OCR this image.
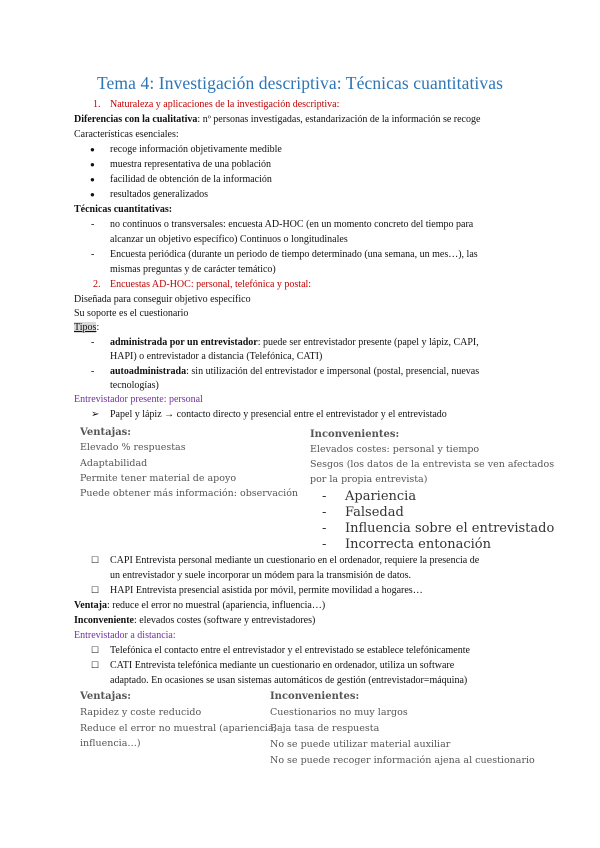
Tema 4: Investigación descriptiva: Técnicas cuantitativas
1. Naturaleza y aplicaciones de la investigación descriptiva:
Diferencias con la cualitativa: nº personas investigadas, estandarización de la información se recoge
Características esenciales:
● recoge información objetivamente medible
● muestra representativa de una población
● facilidad de obtención de la información
● resultados generalizados
Técnicas cuantitativas:
- no continuos o transversales: encuesta AD-HOC (en un momento concreto del tiempo para
alcanzar un objetivo específico) Continuos o longitudinales
- Encuesta periódica (durante un periodo de tiempo determinado (una semana, un mes…), las
mismas preguntas y de carácter temático)
2. Encuestas AD-HOC: personal, telefónica y postal:
Diseñada para conseguir objetivo específico
Su soporte es el cuestionario
Tipos:
- administrada por un entrevistador: puede ser entrevistador presente (papel y lápiz, CAPI,
HAPI) o entrevistador a distancia (Telefónica, CATI)
- autoadministrada: sin utilización del entrevistador e impersonal (postal, presencial, nuevas
tecnologías)
Entrevistador presente: personal
➢ Papel y lápiz → contacto directo y presencial entre el entrevistador y el entrevistado
Ventajas:
Elevado % respuestas
Adaptabilidad
Permite tener material de apoyo
Puede obtener más información: observación
Inconvenientes:
Elevados costes: personal y tiempo
Sesgos (los datos de la entrevista se ven afectados
por la propia entrevista)
- Apariencia
- Falsedad
- Influencia sobre el entrevistado
- Incorrecta entonación
☐ CAPI Entrevista personal mediante un cuestionario en el ordenador, requiere la presencia de
un entrevistador y suele incorporar un módem para la transmisión de datos.
☐ HAPI Entrevista presencial asistida por móvil, permite movilidad a hogares…
Ventaja: reduce el error no muestral (apariencia, influencia…)
Inconveniente: elevados costes (software y entrevistadores)
Entrevistador a distancia:
☐ Telefónica el contacto entre el entrevistador y el entrevistado se establece telefónicamente
☐ CATI Entrevista telefónica mediante un cuestionario en ordenador, utiliza un software
adaptado. En ocasiones se usan sistemas automáticos de gestión (entrevistador=máquina)
Ventajas:
Rapidez y coste reducido
Reduce el error no muestral (apariencia,
influencia…)
Inconvenientes:
Cuestionarios no muy largos
Baja tasa de respuesta
No se puede utilizar material auxiliar
No se puede recoger información ajena al cuestionario
